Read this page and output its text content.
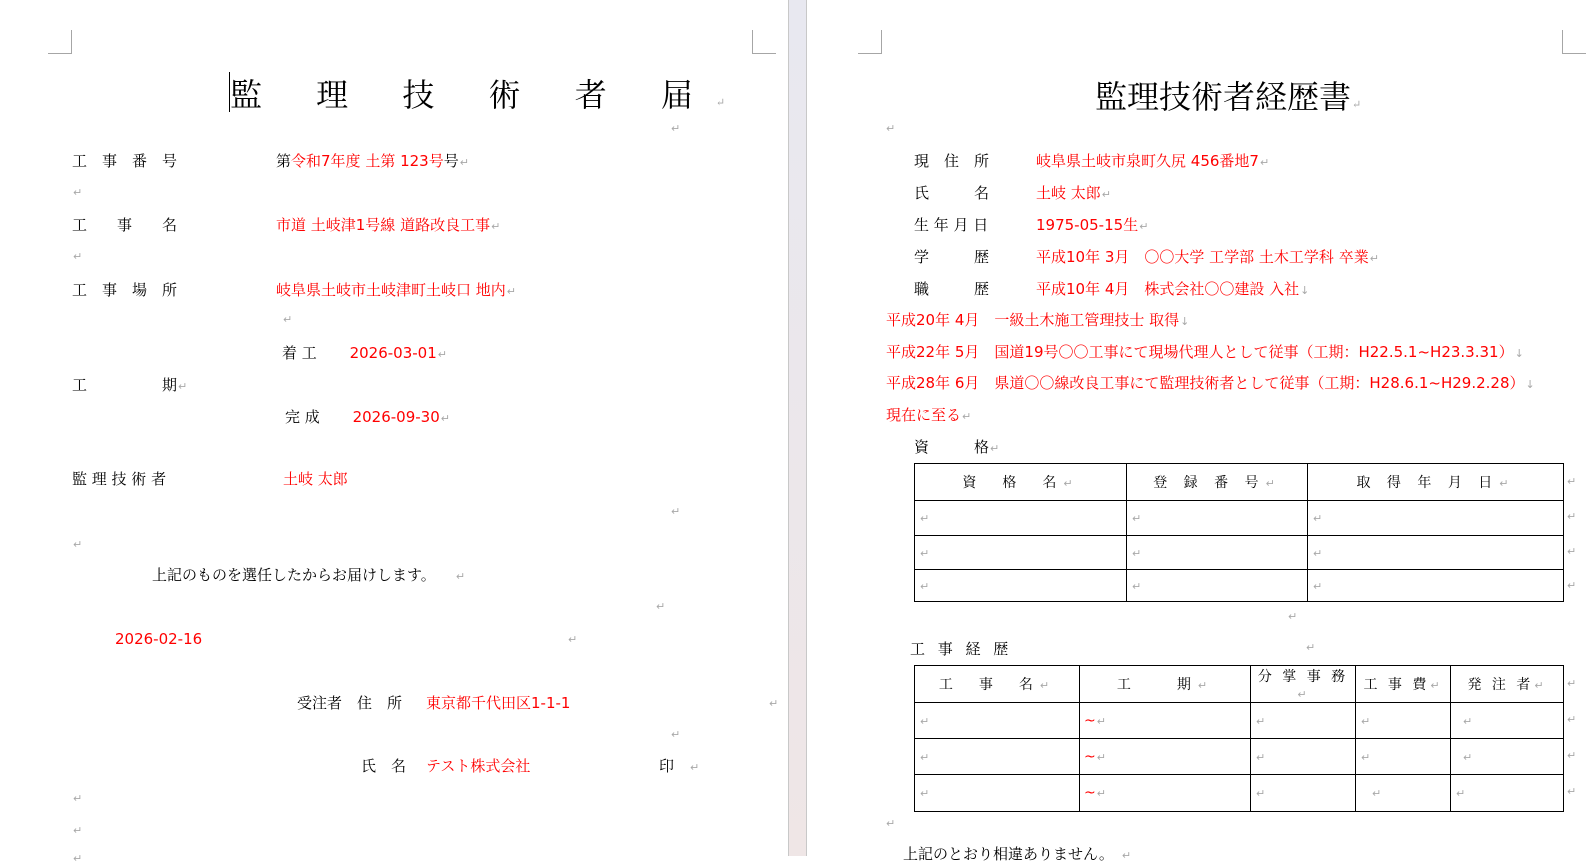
監 理 技 術 者 届↵
↵
工　事　番　号	第令和7年度 土第 123号号↵
↵
工　　事　　名	市道 土岐津1号線 道路改良工事↵
↵
工　事　場　所	岐阜県土岐市土岐津町土岐口 地内↵
↵
着 工 2026-03-01↵
工　　　　　期↵
完 成 2026-09-30↵
監 理 技 術 者	土岐 太郎
↵
↵
上記のものを選任したからお届けします。 ↵
↵
2026-02-16	↵
受注者　住　所 東京都千代田区1-1-1	↵
↵
氏　名 テスト株式会社	印 ↵
↵
↵
↵
監理技術者経歴書↵
↵
現　住　所	岐阜県土岐市泉町久尻 456番地7↵
氏　　　名	土岐 太郎↵
生 年 月 日	1975-05-15生↵
学　　　歴	平成10年 3月　〇〇大学 工学部 土木工学科 卒業↵
職　　　歴	平成10年 4月　株式会社〇〇建設 入社↓
平成20年 4月　一級土木施工管理技士 取得↓
平成22年 5月　国道19号〇〇工事にて現場代理人として従事（工期：H22.5.1~H23.3.31）↓
平成28年 6月　県道〇〇線改良工事にて監理技術者として従事（工期：H28.6.1~H29.2.28）↓
現在に至る↵
資　　　格↵
資　格　名↵	登 録 番 号↵	取 得 年 月 日↵
↵	↵	↵
↵	↵	↵
↵	↵	↵
↵
↵
↵
↵
↵
工 事 経 歴	↵
工　事　名↵	工　　期↵	分 掌 事 務↵	工 事 費↵	発 注 者↵
↵	~↵	↵	↵	↵
↵	~↵	↵	↵	↵
↵	~↵	↵	↵	↵
↵
↵
↵
↵
↵
上記のとおり相違ありません。 ↵
